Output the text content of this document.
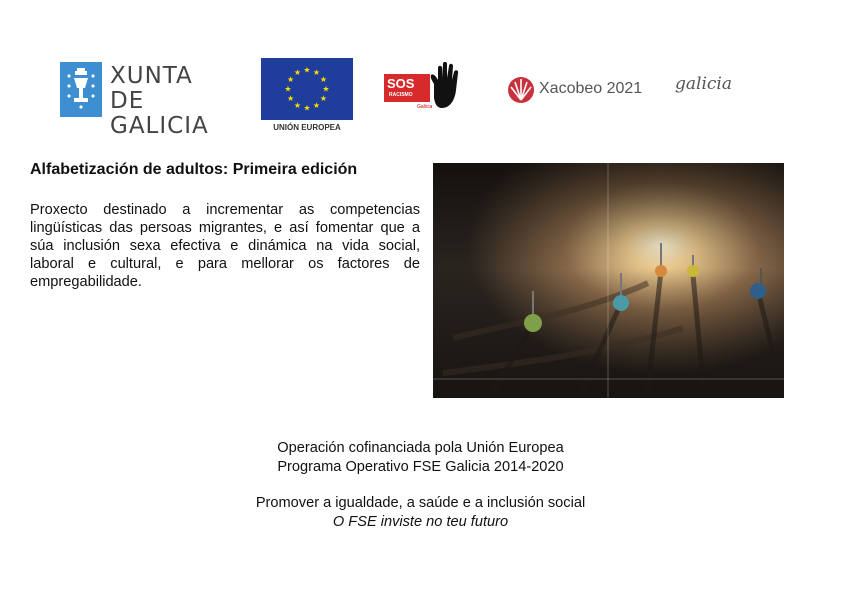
XUNTA
DE GALICIA
★ ★
★
★
★
★
★
★
★
★
★
★
UNIÓN EUROPEA
SOS
RACISMO
Galicia
Xacobeo 2021 galicia
Alfabetización de adultos: Primeira edición
Proxecto destinado a incrementar as competencias lingüísticas das persoas migrantes, e así fomentar que a súa inclusión sexa efectiva e dinámica na vida social, laboral e cultural, e para mellorar os factores de empregabilidade.
Operación cofinanciada pola Unión Europea
Programa Operativo FSE Galicia 2014-2020
Promover a igualdade, a saúde e a inclusión social
O FSE inviste no teu futuro
